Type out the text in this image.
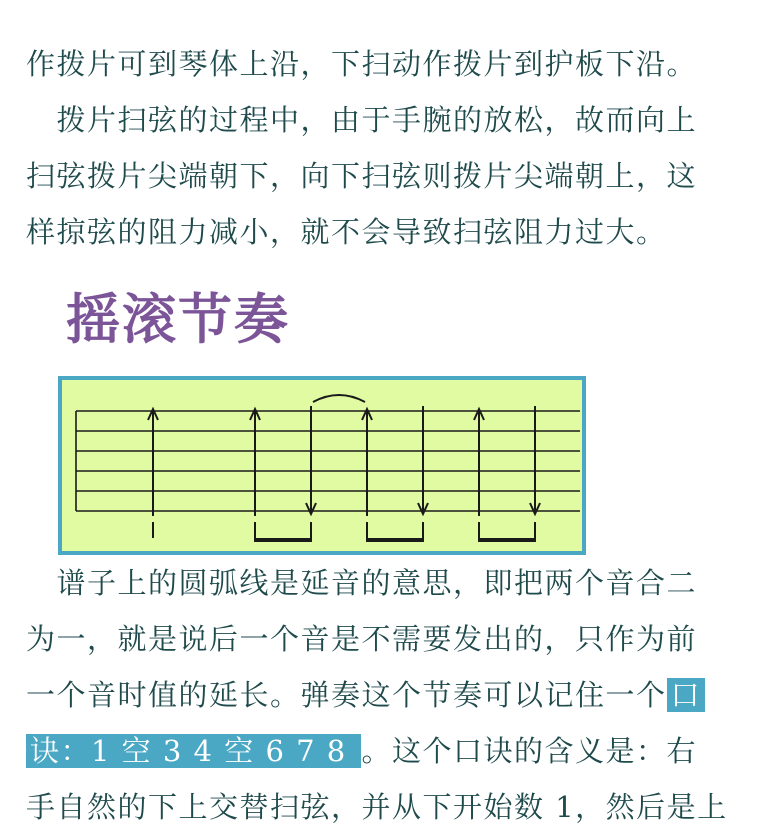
作拨片可到琴体上沿，下扫动作拨片到护板下沿。
　拨片扫弦的过程中，由于手腕的放松，故而向上
扫弦拨片尖端朝下，向下扫弦则拨片尖端朝上，这
样掠弦的阻力减小，就不会导致扫弦阻力过大。
摇滚节奏
　谱子上的圆弧线是延音的意思，即把两个音合二
为一，就是说后一个音是不需要发出的，只作为前
一个音时值的延长。弹奏这个节奏可以记住一个 口
诀：1 空 3 4 空 6 7 8 。这个口诀的含义是：右
手自然的下上交替扫弦，并从下开始数 1，然后是上
